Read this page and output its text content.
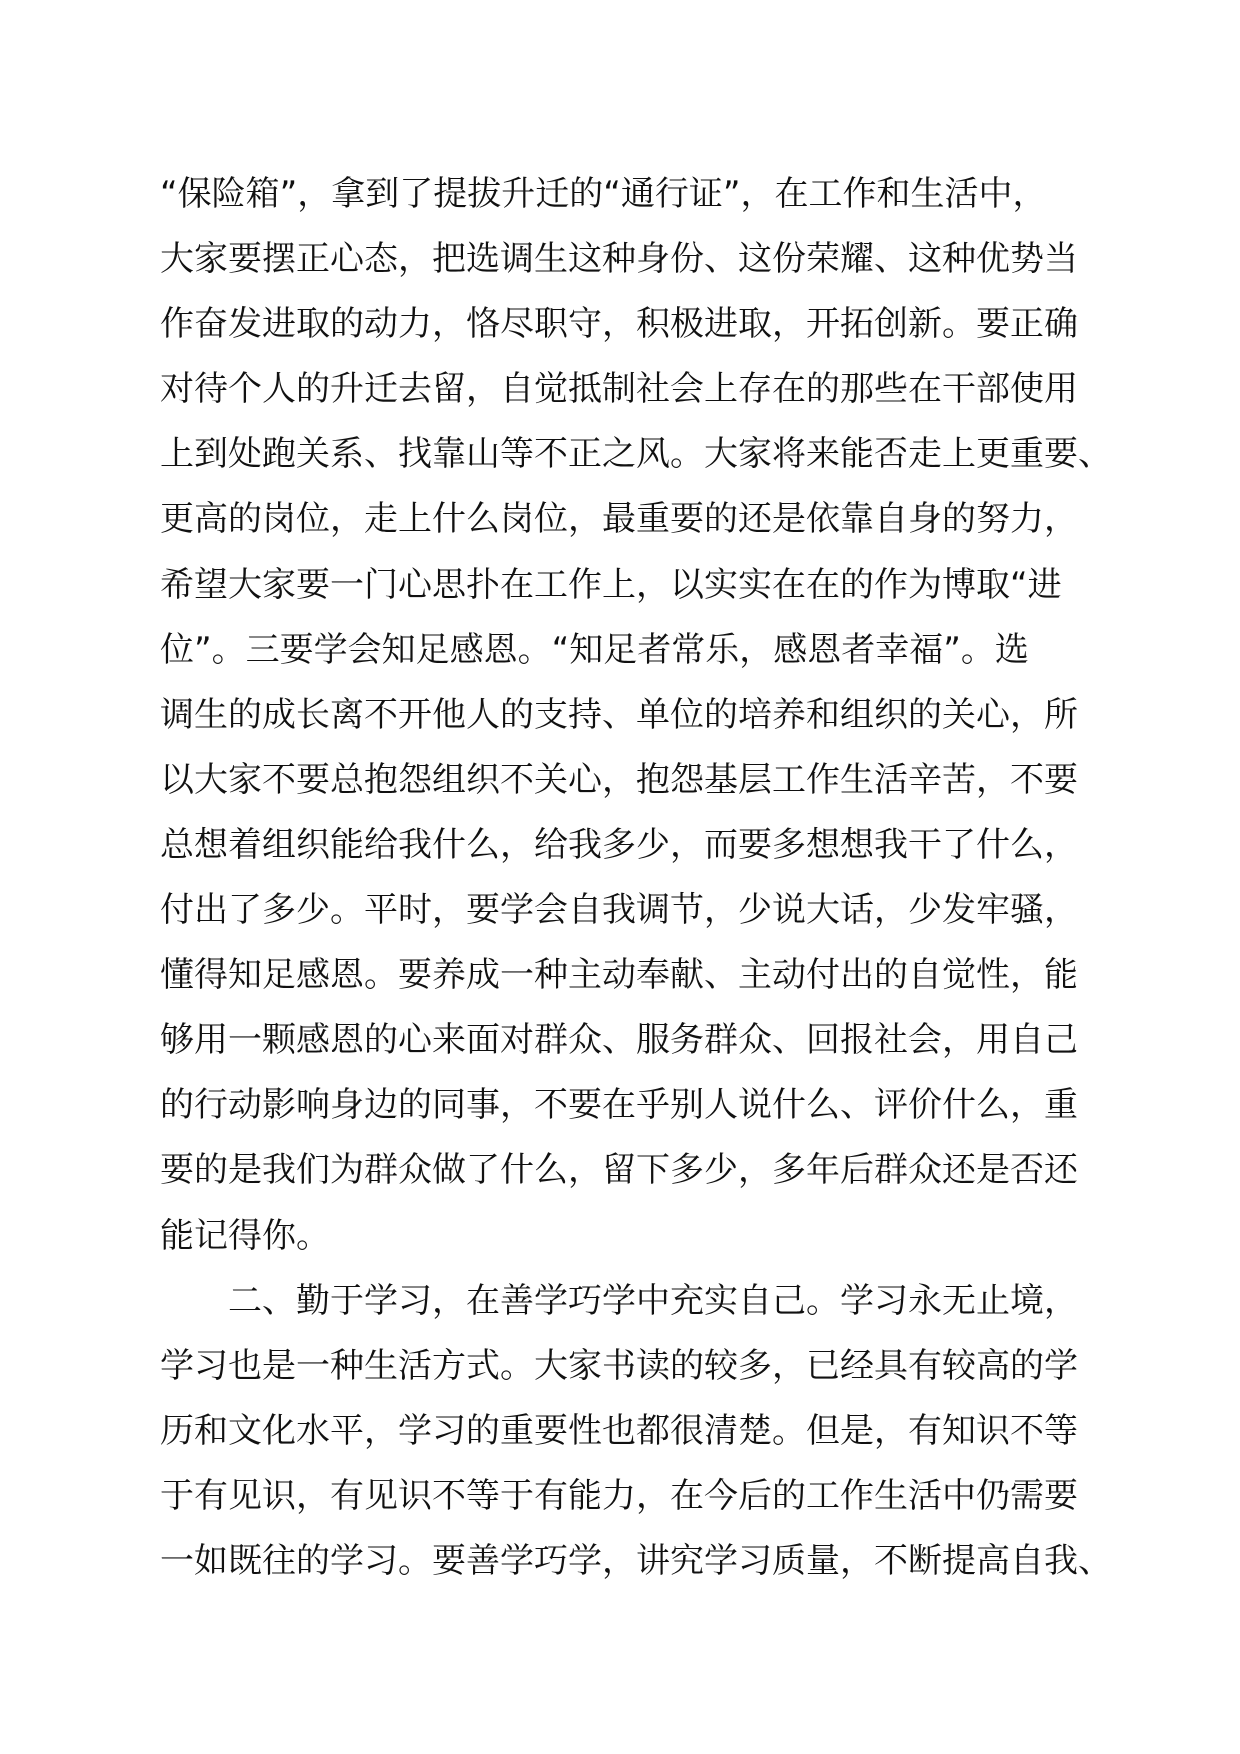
“保险箱”，拿到了提拔升迁的“通行证”，在工作和生活中，

大家要摆正心态，把选调生这种身份、这份荣耀、这种优势当

作奋发进取的动力，恪尽职守，积极进取，开拓创新。要正确

对待个人的升迁去留，自觉抵制社会上存在的那些在干部使用

上到处跑关系、找靠山等不正之风。大家将来能否走上更重要、

更高的岗位，走上什么岗位，最重要的还是依靠自身的努力，

希望大家要一门心思扑在工作上，以实实在在的作为博取“进

位”。三要学会知足感恩。“知足者常乐，感恩者幸福”。选

调生的成长离不开他人的支持、单位的培养和组织的关心，所

以大家不要总抱怨组织不关心，抱怨基层工作生活辛苦，不要

总想着组织能给我什么，给我多少，而要多想想我干了什么，

付出了多少。平时，要学会自我调节，少说大话，少发牢骚，

懂得知足感恩。要养成一种主动奉献、主动付出的自觉性，能

够用一颗感恩的心来面对群众、服务群众、回报社会，用自己

的行动影响身边的同事，不要在乎别人说什么、评价什么，重

要的是我们为群众做了什么，留下多少，多年后群众还是否还

能记得你。

二、勤于学习，在善学巧学中充实自己。学习永无止境，

学习也是一种生活方式。大家书读的较多，已经具有较高的学

历和文化水平，学习的重要性也都很清楚。但是，有知识不等

于有见识，有见识不等于有能力，在今后的工作生活中仍需要

一如既往的学习。要善学巧学，讲究学习质量，不断提高自我、
